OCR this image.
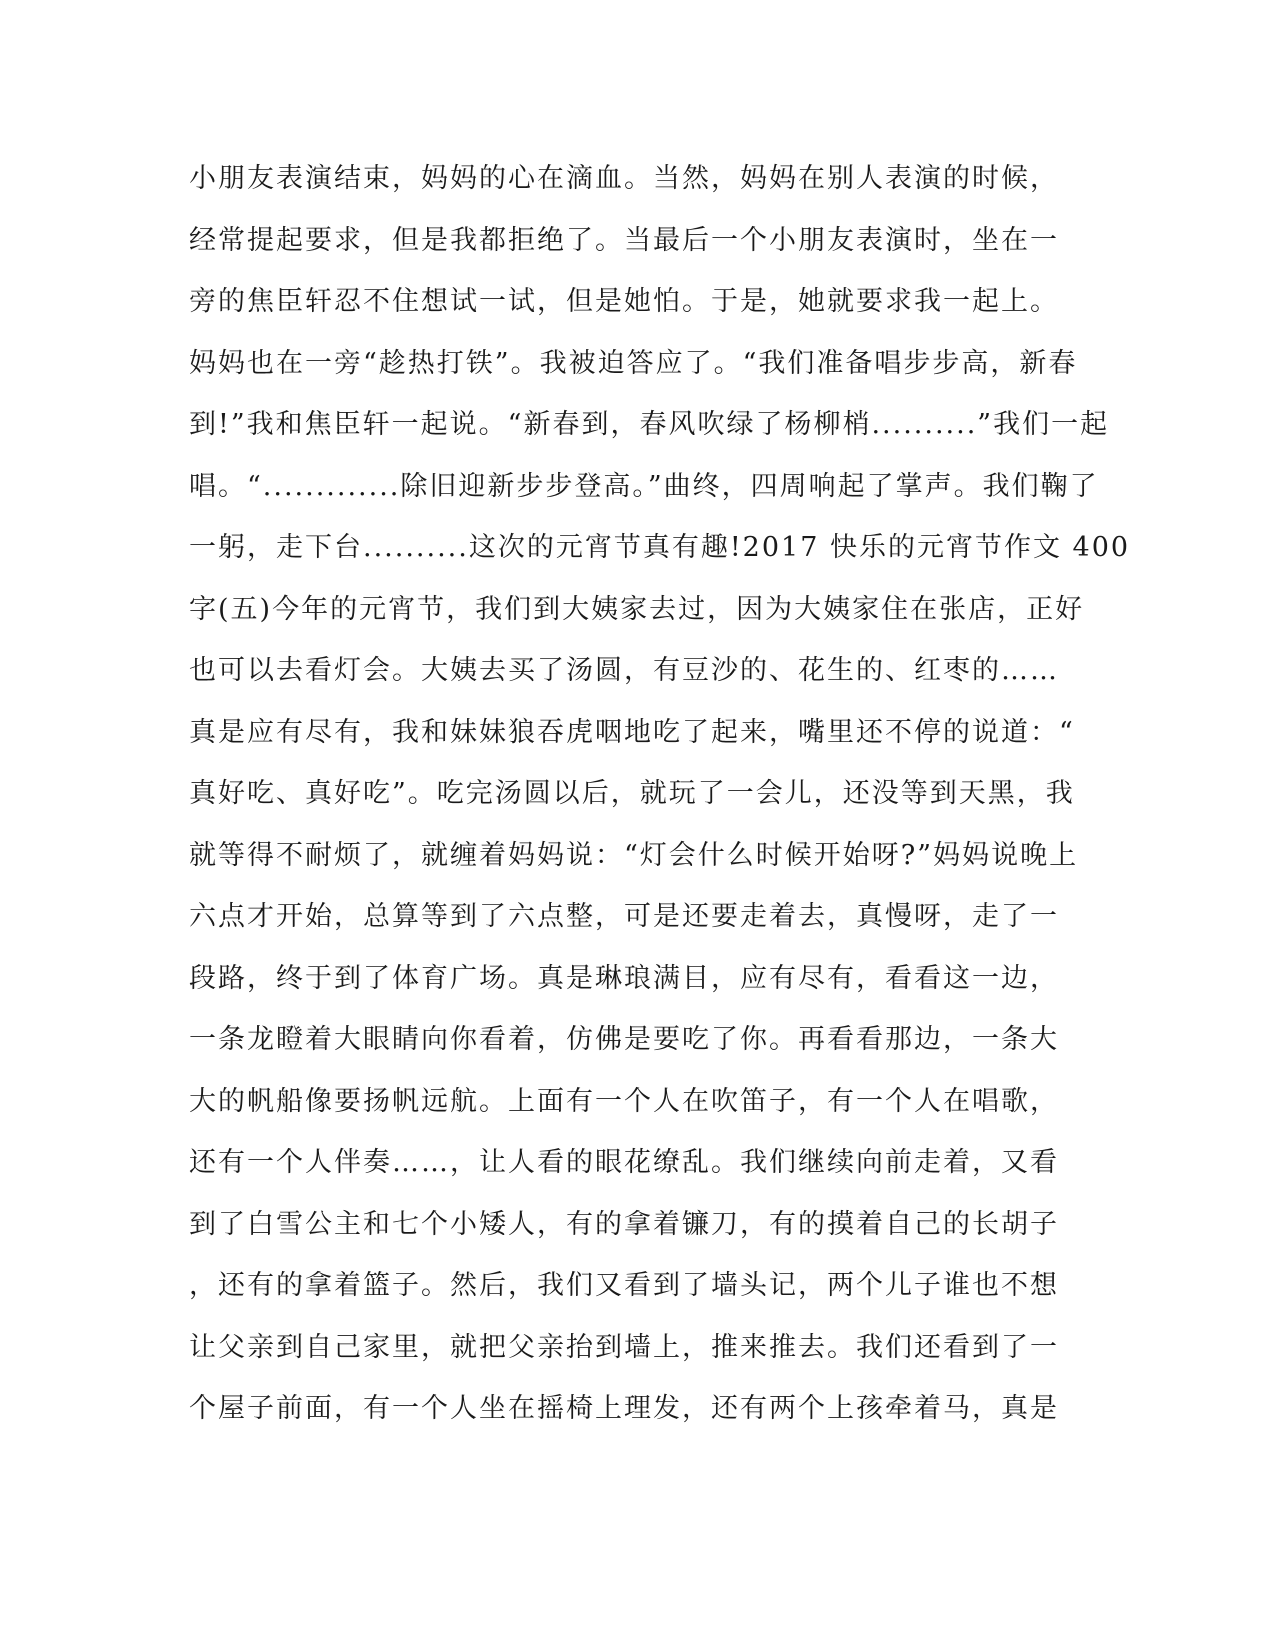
小朋友表演结束，妈妈的心在滴血。当然，妈妈在别人表演的时候，
经常提起要求，但是我都拒绝了。当最后一个小朋友表演时，坐在一
旁的焦臣轩忍不住想试一试，但是她怕。于是，她就要求我一起上。
妈妈也在一旁“趁热打铁”。我被迫答应了。“我们准备唱步步高，新春
到!”我和焦臣轩一起说。“新春到，春风吹绿了杨柳梢..........”我们一起
唱。“.............除旧迎新步步登高。”曲终，四周响起了掌声。我们鞠了
一躬，走下台..........这次的元宵节真有趣!2017 快乐的元宵节作文 400
字(五)今年的元宵节，我们到大姨家去过，因为大姨家住在张店，正好
也可以去看灯会。大姨去买了汤圆，有豆沙的、花生的、红枣的……
真是应有尽有，我和妹妹狼吞虎咽地吃了起来，嘴里还不停的说道：“
真好吃、真好吃”。吃完汤圆以后，就玩了一会儿，还没等到天黑，我
就等得不耐烦了，就缠着妈妈说：“灯会什么时候开始呀?”妈妈说晚上
六点才开始，总算等到了六点整，可是还要走着去，真慢呀，走了一
段路，终于到了体育广场。真是琳琅满目，应有尽有，看看这一边，
一条龙瞪着大眼睛向你看着，仿佛是要吃了你。再看看那边，一条大
大的帆船像要扬帆远航。上面有一个人在吹笛子，有一个人在唱歌，
还有一个人伴奏……，让人看的眼花缭乱。我们继续向前走着，又看
到了白雪公主和七个小矮人，有的拿着镰刀，有的摸着自己的长胡子
，还有的拿着篮子。然后，我们又看到了墙头记，两个儿子谁也不想
让父亲到自己家里，就把父亲抬到墙上，推来推去。我们还看到了一
个屋子前面，有一个人坐在摇椅上理发，还有两个上孩牵着马，真是
